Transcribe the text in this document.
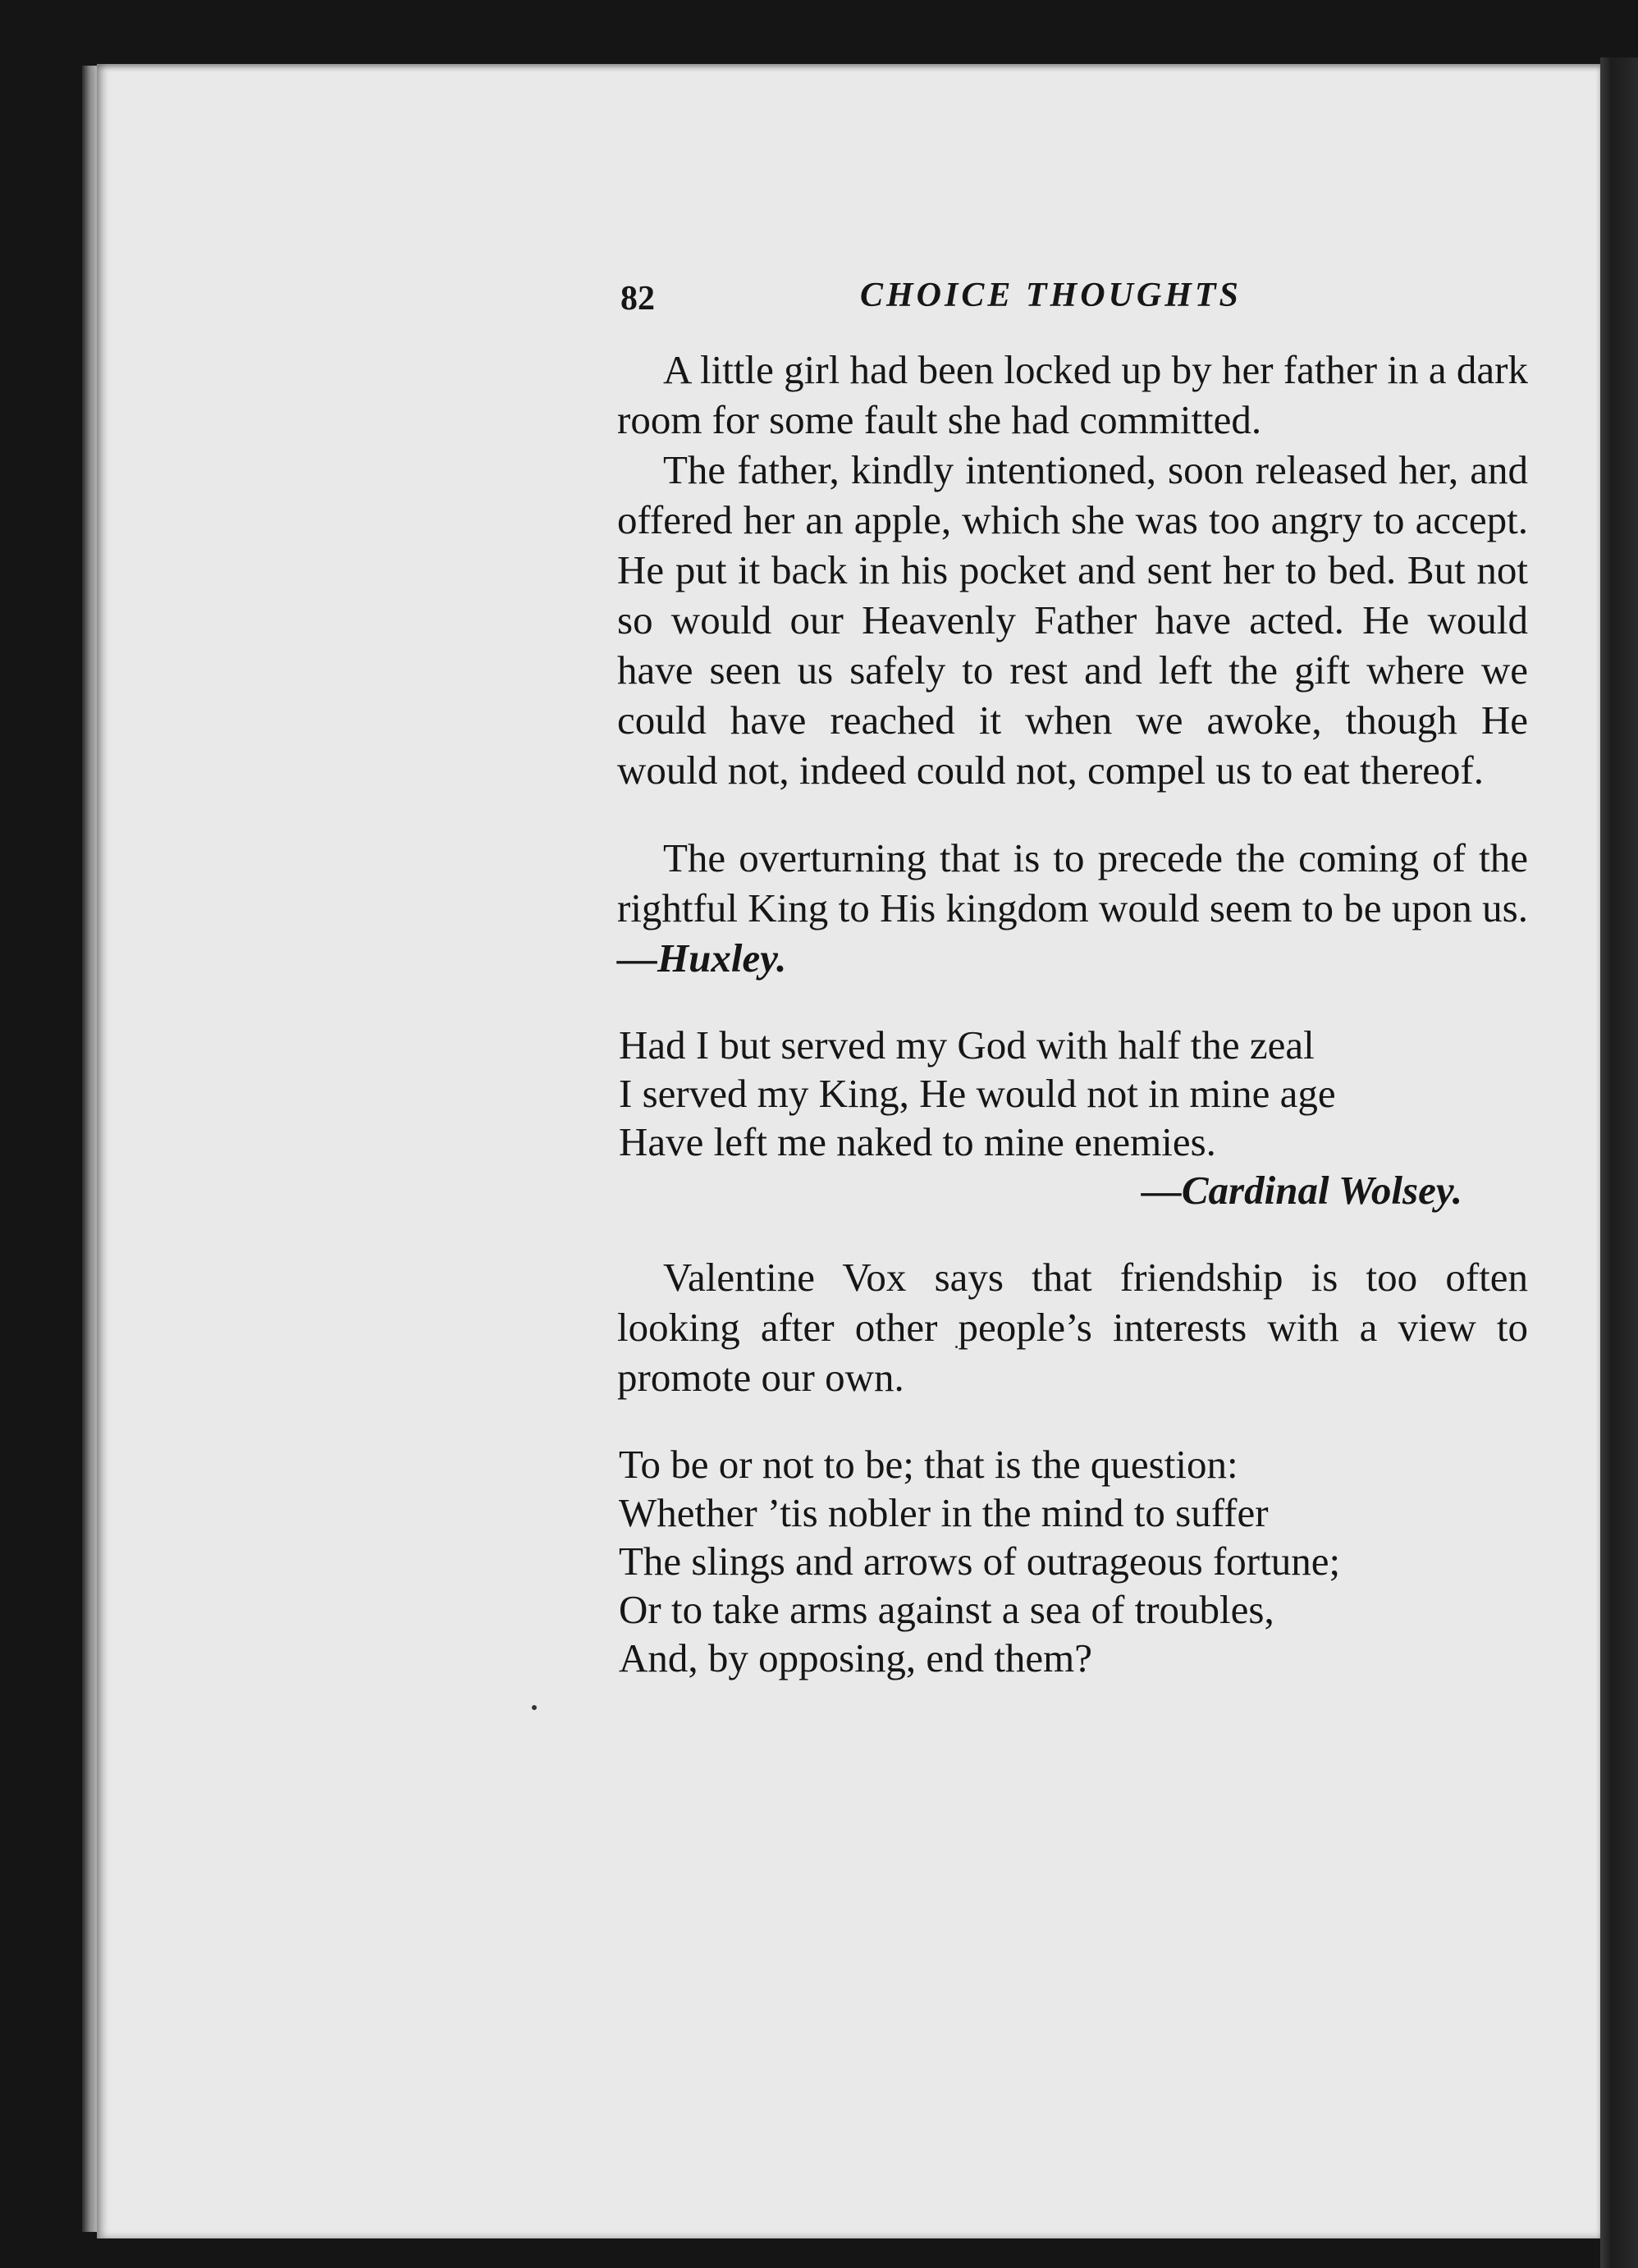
82	CHOICE THOUGHTS

A little girl had been locked up by her father in a dark room for some fault she had committed.

The father, kindly intentioned, soon released her, and offered her an apple, which she was too angry to accept. He put it back in his pocket and sent her to bed. But not so would our Heavenly Father have acted. He would have seen us safely to rest and left the gift where we could have reached it when we awoke, though He would not, indeed could not, compel us to eat thereof.

The overturning that is to precede the coming of the rightful King to His kingdom would seem to be upon us.—Huxley.

Had I but served my God with half the zeal
I served my King, He would not in mine age
Have left me naked to mine enemies.
—Cardinal Wolsey.

Valentine Vox says that friendship is too often looking after other people’s interests with a view to promote our own.

To be or not to be; that is the question:
Whether ’tis nobler in the mind to suffer
The slings and arrows of outrageous fortune;
Or to take arms against a sea of troubles,
And, by opposing, end them?
